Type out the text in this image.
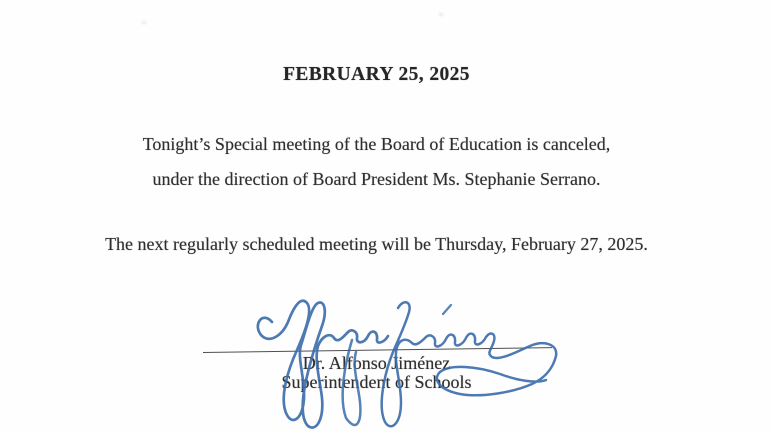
FEBRUARY 25, 2025

Tonight’s Special meeting of the Board of Education is canceled,

under the direction of Board President Ms. Stephanie Serrano.

The next regularly scheduled meeting will be Thursday, February 27, 2025.

Dr. Alfonso Jiménez

Superintendent of Schools
